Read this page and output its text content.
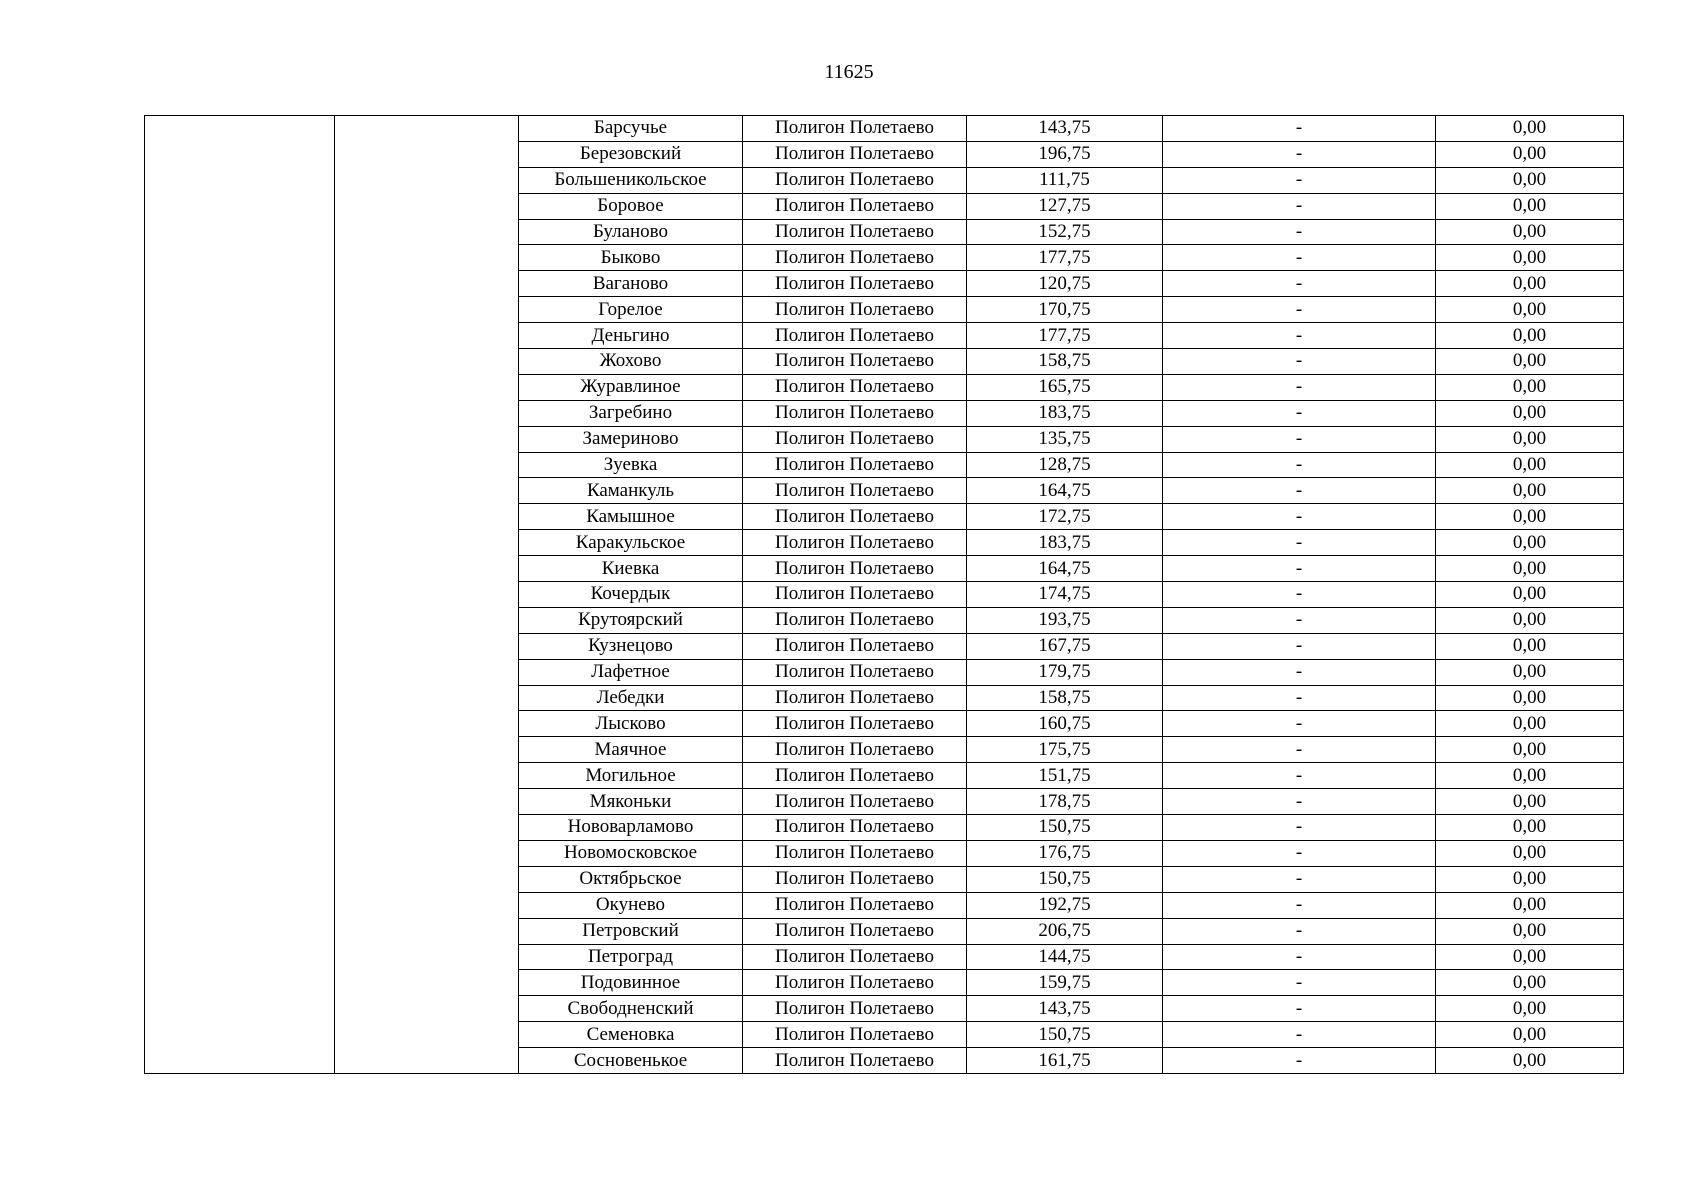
11625
		Барсучье	Полигон Полетаево	143,75	-	0,00
		Березовский	Полигон Полетаево	196,75	-	0,00
		Большеникольское	Полигон Полетаево	111,75	-	0,00
		Боровое	Полигон Полетаево	127,75	-	0,00
		Буланово	Полигон Полетаево	152,75	-	0,00
		Быково	Полигон Полетаево	177,75	-	0,00
		Ваганово	Полигон Полетаево	120,75	-	0,00
		Горелое	Полигон Полетаево	170,75	-	0,00
		Деньгино	Полигон Полетаево	177,75	-	0,00
		Жохово	Полигон Полетаево	158,75	-	0,00
		Журавлиное	Полигон Полетаево	165,75	-	0,00
		Загребино	Полигон Полетаево	183,75	-	0,00
		Замериново	Полигон Полетаево	135,75	-	0,00
		Зуевка	Полигон Полетаево	128,75	-	0,00
		Каманкуль	Полигон Полетаево	164,75	-	0,00
		Камышное	Полигон Полетаево	172,75	-	0,00
		Каракульское	Полигон Полетаево	183,75	-	0,00
		Киевка	Полигон Полетаево	164,75	-	0,00
		Кочердык	Полигон Полетаево	174,75	-	0,00
		Крутоярский	Полигон Полетаево	193,75	-	0,00
		Кузнецово	Полигон Полетаево	167,75	-	0,00
		Лафетное	Полигон Полетаево	179,75	-	0,00
		Лебедки	Полигон Полетаево	158,75	-	0,00
		Лысково	Полигон Полетаево	160,75	-	0,00
		Маячное	Полигон Полетаево	175,75	-	0,00
		Могильное	Полигон Полетаево	151,75	-	0,00
		Мяконьки	Полигон Полетаево	178,75	-	0,00
		Нововарламово	Полигон Полетаево	150,75	-	0,00
		Новомосковское	Полигон Полетаево	176,75	-	0,00
		Октябрьское	Полигон Полетаево	150,75	-	0,00
		Окунево	Полигон Полетаево	192,75	-	0,00
		Петровский	Полигон Полетаево	206,75	-	0,00
		Петроград	Полигон Полетаево	144,75	-	0,00
		Подовинное	Полигон Полетаево	159,75	-	0,00
		Свободненский	Полигон Полетаево	143,75	-	0,00
		Семеновка	Полигон Полетаево	150,75	-	0,00
		Сосновенькое	Полигон Полетаево	161,75	-	0,00
